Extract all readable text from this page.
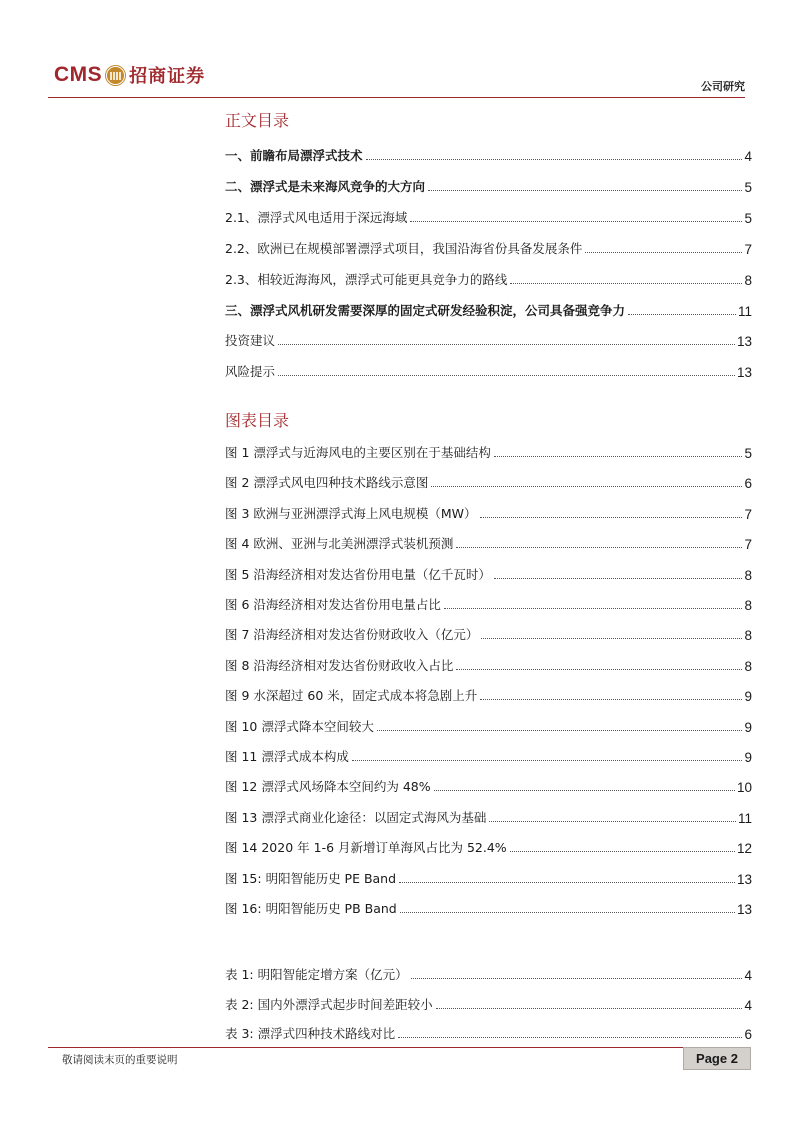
CMS 招商证券	公司研究
正文目录
一、前瞻布局漂浮式技术	4
二、漂浮式是未来海风竞争的大方向	5
2.1、漂浮式风电适用于深远海域	5
2.2、欧洲已在规模部署漂浮式项目，我国沿海省份具备发展条件	7
2.3、相较近海海风，漂浮式可能更具竞争力的路线	8
三、漂浮式风机研发需要深厚的固定式研发经验积淀，公司具备强竞争力	11
投资建议	13
风险提示	13
图表目录
图 1 漂浮式与近海风电的主要区别在于基础结构	5
图 2 漂浮式风电四种技术路线示意图	6
图 3 欧洲与亚洲漂浮式海上风电规模（MW）	7
图 4 欧洲、亚洲与北美洲漂浮式装机预测	7
图 5 沿海经济相对发达省份用电量（亿千瓦时）	8
图 6 沿海经济相对发达省份用电量占比	8
图 7 沿海经济相对发达省份财政收入（亿元）	8
图 8 沿海经济相对发达省份财政收入占比	8
图 9 水深超过 60 米，固定式成本将急剧上升	9
图 10 漂浮式降本空间较大	9
图 11 漂浮式成本构成	9
图 12 漂浮式风场降本空间约为 48%	10
图 13 漂浮式商业化途径：以固定式海风为基础	11
图 14 2020 年 1-6 月新增订单海风占比为 52.4%	12
图 15: 明阳智能历史 PE Band	13
图 16: 明阳智能历史 PB Band	13
表 1: 明阳智能定增方案（亿元）	4
表 2: 国内外漂浮式起步时间差距较小	4
表 3: 漂浮式四种技术路线对比	6
敬请阅读末页的重要说明	Page 2
